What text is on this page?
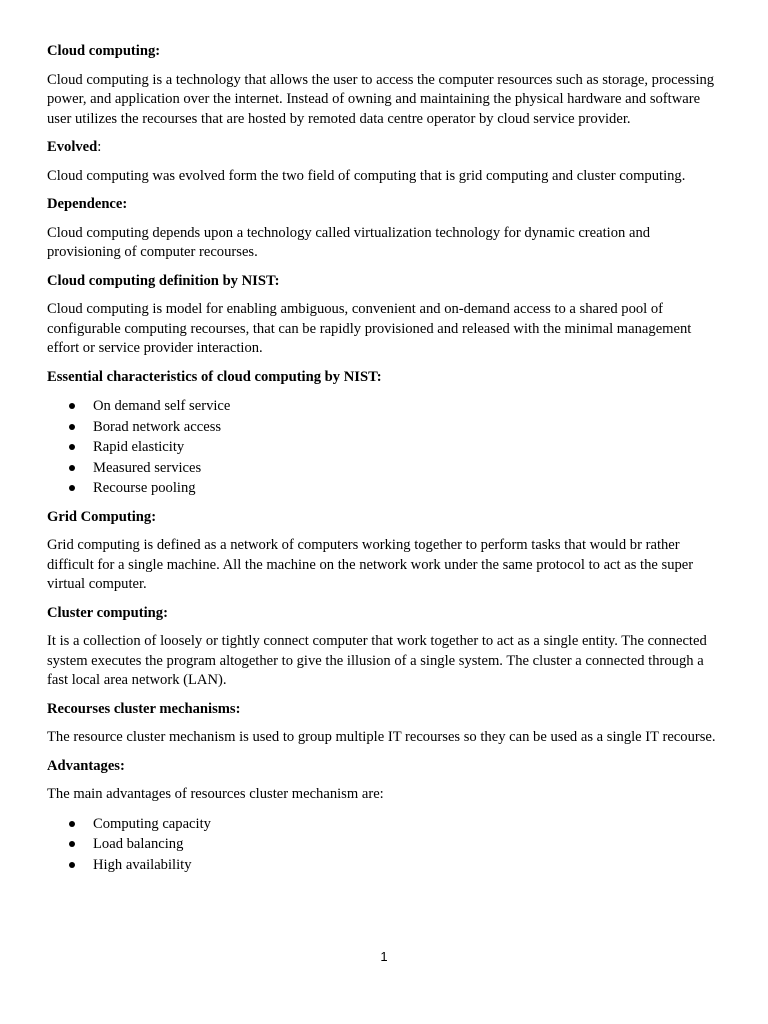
Cloud computing:

Cloud computing is a technology that allows the user to access the computer resources such as storage, processing power, and application over the internet. Instead of owning and maintaining the physical hardware and software user utilizes the recourses that are hosted by remoted data centre operator by cloud service provider.

Evolved:

Cloud computing was evolved form the two field of computing that is grid computing and cluster computing.

Dependence:

Cloud computing depends upon a technology called virtualization technology for dynamic creation and provisioning of computer recourses.

Cloud computing definition by NIST:

Cloud computing is model for enabling ambiguous, convenient and on-demand access to a shared pool of configurable computing recourses, that can be rapidly provisioned and released with the minimal management effort or service provider interaction.

Essential characteristics of cloud computing by NIST:
On demand self service
Borad network access
Rapid elasticity
Measured services
Recourse pooling
Grid Computing:

Grid computing is defined as a network of computers working together to perform tasks that would br rather difficult for a single machine. All the machine on the network work under the same protocol to act as the super virtual computer.

Cluster computing:

It is a collection of loosely or tightly connect computer that work together to act as a single entity. The connected system executes the program altogether to give the illusion of a single system. The cluster a connected through a fast local area network (LAN).

Recourses cluster mechanisms:

The resource cluster mechanism is used to group multiple IT recourses so they can be used as a single IT recourse.

Advantages:

The main advantages of resources cluster mechanism are:

Computing capacity
Load balancing
High availability
1
